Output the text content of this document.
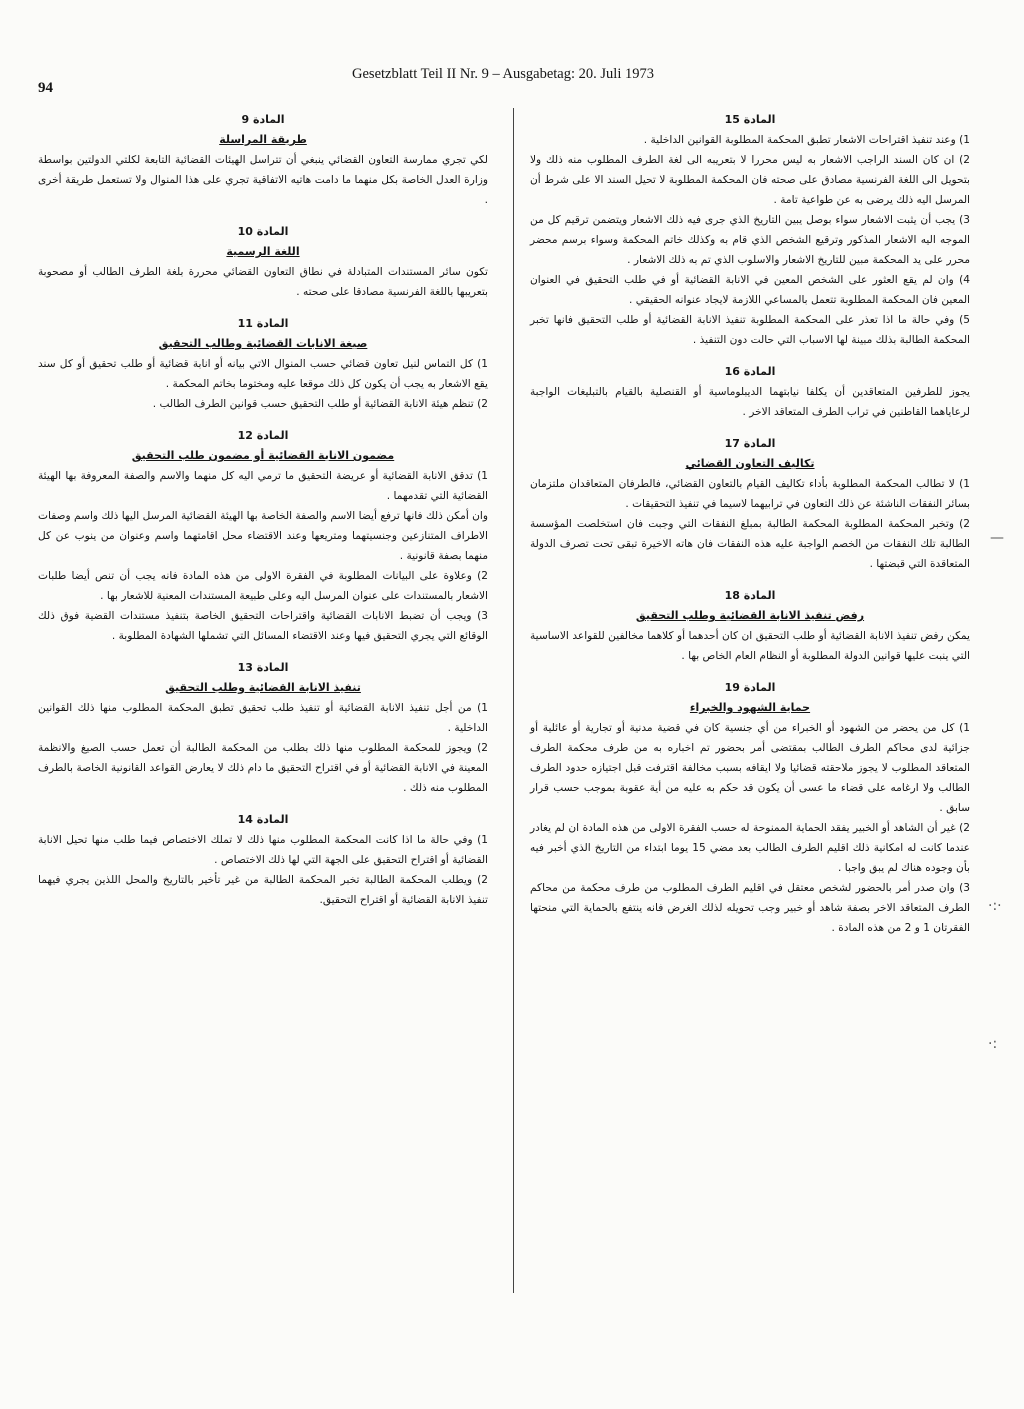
94
Gesetzblatt Teil II Nr. 9 – Ausgabetag: 20. Juli 1973

المادة 15

1) وعند تنفيذ اقتراحات الاشعار تطبق المحكمة المطلوبة القوانين الداخلية .

2) ان كان السند الراجب الاشعار به ليس محررا لا بتعريبه الى لغة الطرف المطلوب منه ذلك ولا بتحويل الى اللغة الفرنسية مصادق على صحته فان المحكمة المطلوبة لا تحيل السند الا على شرط أن المرسل اليه ذلك يرضى به عن طواعية تامة .

3) يجب أن يثبت الاشعار سواء بوصل يبين التاريخ الذي جرى فيه ذلك الاشعار ويتضمن ترقيم كل من الموجه اليه الاشعار المذكور وترقيع الشخص الذي قام به وكذلك خاتم المحكمة وسواء برسم محضر محرر على يد المحكمة مبين للتاريخ الاشعار والاسلوب الذي تم به ذلك الاشعار .

4) وان لم يقع العثور على الشخص المعين في الانابة القضائية أو في طلب التحقيق في العنوان المعين فان المحكمة المطلوبة تتعمل بالمساعي اللازمة لايجاد عنوانه الحقيقي .

5) وفي حالة ما اذا تعذر على المحكمة المطلوبة تنفيذ الانابة القضائية أو طلب التحقيق فانها تخبر المحكمة الطالبة بذلك مبينة لها الاسباب التي حالت دون التنفيذ .

المادة 16

يجوز للطرفين المتعاقدين أن يكلفا نيابتهما الديبلوماسية أو القنصلية بالقيام بالتبليغات الواجبة لرعاياهما القاطنين في تراب الطرف المتعاقد الاخر .

المادة 17

تكاليف التعاون القضائي

1) لا تطالب المحكمة المطلوبة بأداء تكاليف القيام بالتعاون القضائي، فالطرفان المتعاقدان ملتزمان بسائر النفقات الناشئة عن ذلك التعاون في ترابيهما لاسيما في تنفيذ التحقيقات .

2) وتخبر المحكمة المطلوبة المحكمة الطالبة بمبلغ النفقات التي وجبت فان استخلصت المؤسسة الطالبة تلك النفقات من الخصم الواجبة عليه هذه النفقات فان هاته الاخيرة تبقى تحت تصرف الدولة المتعاقدة التي قبضتها .

المادة 18

رفض تنفيذ الانابة القضائية وطلب التحقيق

يمكن رفض تنفيذ الانابة القضائية أو طلب التحقيق ان كان أحدهما أو كلاهما مخالفين للقواعد الاساسية التي ينبت عليها قوانين الدولة المطلوبة أو النظام العام الخاص بها .

المادة 19

حماية الشهود والخبراء

1) كل من يحضر من الشهود أو الخبراء من أي جنسية كان في قضية مدنية أو تجارية أو عائلية أو جزائية لدى محاكم الطرف الطالب بمقتضى أمر بحضور تم اخباره به من طرف محكمة الطرف المتعاقد المطلوب لا يجوز ملاحقته قضائيا ولا ايقافه بسبب مخالفة اقترفت قبل اجتيازه حدود الطرف الطالب ولا ارغامه على قضاء ما عسى أن يكون قد حكم به عليه من أية عقوبة بموجب حسب قرار سابق .

2) غير أن الشاهد أو الخبير يفقد الحماية الممنوحة له حسب الفقرة الاولى من هذه المادة ان لم يغادر عندما كانت له امكانية ذلك اقليم الطرف الطالب بعد مضي 15 يوما ابتداء من التاريخ الذي أخبر فيه بأن وجوده هناك لم يبق واجبا .

3) وان صدر أمر بالحضور لشخص معتقل في اقليم الطرف المطلوب من طرف محكمة من محاكم الطرف المتعاقد الاخر بصفة شاهد أو خبير وجب تحويله لذلك الغرض فانه ينتفع بالحماية التي منحتها الفقرتان 1 و 2 من هذه المادة .

المادة 9

طريقة المراسلة

لكي تجري ممارسة التعاون القضائي ينبغي أن تتراسل الهيئات القضائية التابعة لكلتي الدولتين بواسطة وزارة العدل الخاصة بكل منهما ما دامت هاتيه الاتفاقية تجري على هذا المنوال ولا تستعمل طريقة أخرى .

المادة 10

اللغة الرسمية

تكون سائر المستندات المتبادلة في نطاق التعاون القضائي محررة بلغة الطرف الطالب أو مصحوبة بتعريبها باللغة الفرنسية مصادقا على صحته .

المادة 11

صيغة الانابات القضائية وطالب التحقيق

1) كل التماس لنيل تعاون قضائي حسب المنوال الاتي بيانه أو انابة قضائية أو طلب تحقيق أو كل سند يقع الاشعار به يجب أن يكون كل ذلك موقعا عليه ومختوما بخاتم المحكمة .

2) تنظم هيئة الانابة القضائية أو طلب التحقيق حسب قوانين الطرف الطالب .

المادة 12

مضمون الانابة القضائية أو مضمون طلب التحقيق

1) تدقق الانابة القضائية أو عريضة التحقيق ما ترمي اليه كل منهما والاسم والصفة المعروفة بها الهيئة القضائية التي تقدمهما .

وان أمكن ذلك فانها ترفع أيضا الاسم والصفة الخاصة بها الهيئة القضائية المرسل اليها ذلك واسم وصفات الاطراف المتنازعين وجنسيتهما ومتريعها وعند الاقتضاء محل اقامتهما واسم وعنوان من ينوب عن كل منهما بصفة قانونية .

2) وعلاوة على البيانات المطلوبة في الفقرة الاولى من هذه المادة فانه يجب أن تنص أيضا طلبات الاشعار بالمستندات على عنوان المرسل اليه وعلى طبيعة المستندات المعنية للاشعار بها .

3) ويجب أن تضبط الانابات القضائية واقتراحات التحقيق الخاصة بتنفيذ مستندات القضية فوق ذلك الوقائع التي يجري التحقيق فيها وعند الاقتضاء المسائل التي تشملها الشهادة المطلوبة .

المادة 13

تنفيذ الانابة القضائية وطلب التحقيق

1) من أجل تنفيذ الانابة القضائية أو تنفيذ طلب تحقيق تطبق المحكمة المطلوب منها ذلك القوانين الداخلية .

2) ويجوز للمحكمة المطلوب منها ذلك بطلب من المحكمة الطالبة أن تعمل حسب الصيغ والانظمة المعينة في الانابة القضائية أو في اقتراح التحقيق ما دام ذلك لا يعارض القواعد القانونية الخاصة بالطرف المطلوب منه ذلك .

المادة 14

1) وفي حالة ما اذا كانت المحكمة المطلوب منها ذلك لا تملك الاختصاص فيما طلب منها تحيل الانابة القضائية أو اقتراح التحقيق على الجهة التي لها ذلك الاختصاص .

2) ويطلب المحكمة الطالبة تخبر المحكمة الطالبة من غير تأخير بالتاريخ والمحل اللذين يجري فيهما تنفيذ الانابة القضائية أو اقتراح التحقيق.

—
·:·
·:
